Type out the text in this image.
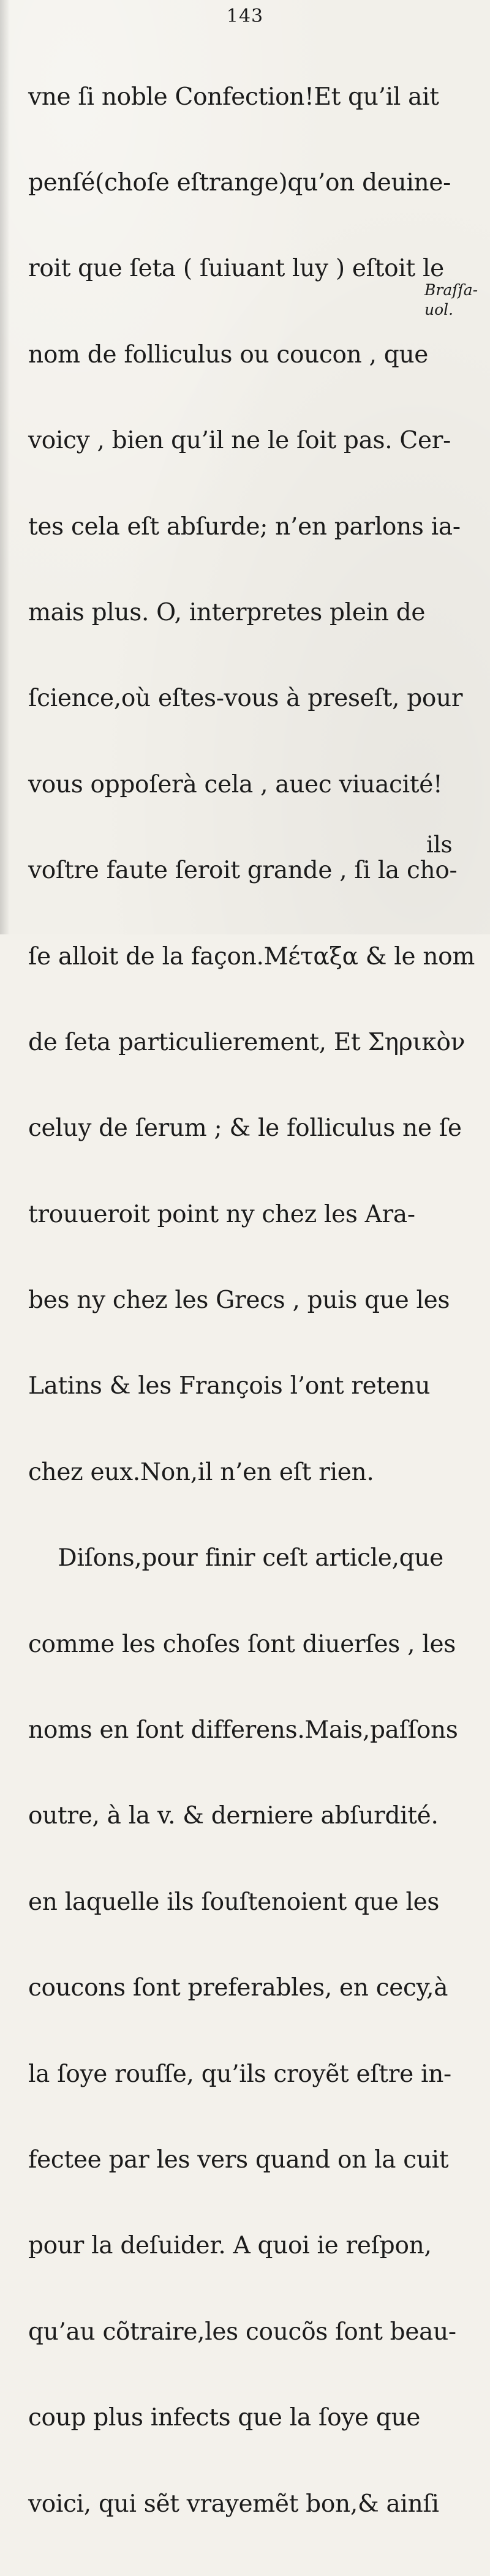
143

vne ſi noble Confection!Et qu’il ait

penſé(choſe eſtrange)qu’on deuine-

roit que ſeta ( ſuiuant luy ) eſtoit le

nom de folliculus ou coucon , que

voicy , bien qu’il ne le ſoit pas. Cer-

tes cela eſt abſurde; n’en parlons ia-

mais plus. O, interpretes plein de

ſcience,où eſtes-vous à preseſt, pour

vous oppoſerà cela , auec viuacité!

voſtre faute ſeroit grande , ſi la cho-

ſe alloit de la façon.Μέταξα & le nom

de ſeta particulierement, Et Σηρικὸν

celuy de ſerum ; & le folliculus ne ſe

trouueroit point ny chez les Ara-

bes ny chez les Grecs , puis que les

Latins & les François l’ont retenu

chez eux.Non,il n’en eſt rien.

Diſons,pour finir ceſt article,que

comme les choſes ſont diuerſes , les

noms en ſont differens.Mais,paſſons

outre, à la v. & derniere abſurdité.

en laquelle ils ſouſtenoient que les

coucons ſont preferables, en cecy,à

la ſoye rouſſe, qu’ils croyẽt eſtre in-

fectee par les vers quand on la cuit

pour la deſuider. A quoi ie reſpon,

qu’au cõtraire,les coucõs ſont beau-

coup plus infects que la ſoye que

voici, qui sẽt vrayemẽt bon,& ainſi

Braſſa-
uol.
ils
